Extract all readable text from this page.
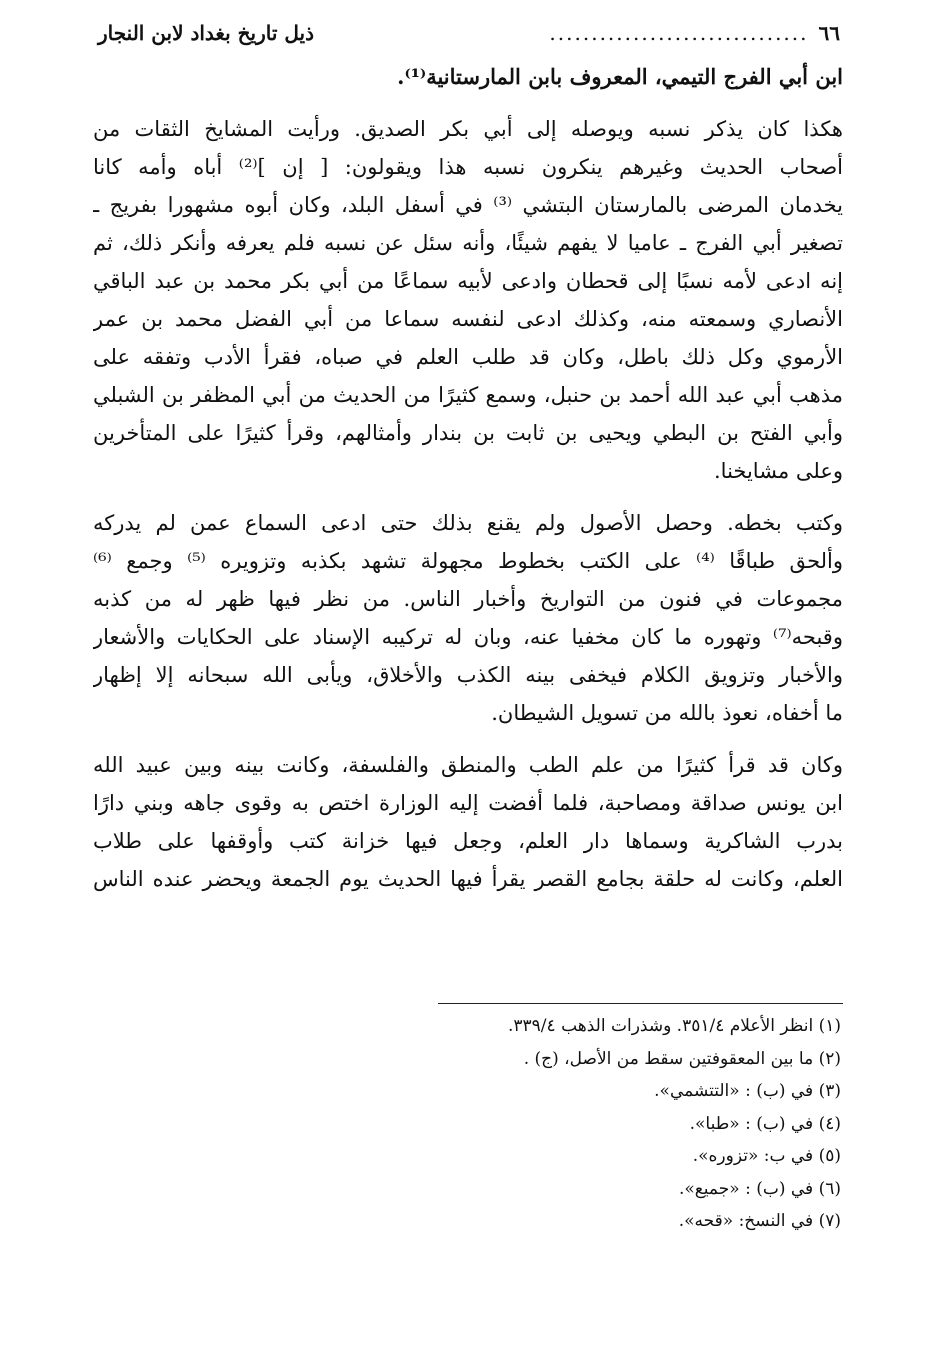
٦٦
...............................
ذيل تاريخ بغداد لابن النجار
ابن أبي الفرج التيمي، المعروف بابن المارستانية⁽¹⁾.
هكذا كان يذكر نسبه ويوصله إلى أبي بكر الصديق. ورأيت المشايخ الثقات من
أصحاب الحديث وغيرهم ينكرون نسبه هذا ويقولون: [ إن ]⁽²⁾ أباه وأمه كانا
يخدمان المرضى بالمارستان البتشي ⁽³⁾ في أسفل البلد، وكان أبوه مشهورا بفريج ـ
تصغير أبي الفرج ـ عاميا لا يفهم شيئًا، وأنه سئل عن نسبه فلم يعرفه وأنكر ذلك، ثم
إنه ادعى لأمه نسبًا إلى قحطان وادعى لأبيه سماعًا من أبي بكر محمد بن عبد الباقي
الأنصاري وسمعته منه، وكذلك ادعى لنفسه سماعا من أبي الفضل محمد بن عمر
الأرموي وكل ذلك باطل، وكان قد طلب العلم في صباه، فقرأ الأدب وتفقه على
مذهب أبي عبد الله أحمد بن حنبل، وسمع كثيرًا من الحديث من أبي المظفر بن الشبلي
وأبي الفتح بن البطي ويحيى بن ثابت بن بندار وأمثالهم، وقرأ كثيرًا على المتأخرين
وعلى مشايخنا.
وكتب بخطه. وحصل الأصول ولم يقنع بذلك حتى ادعى السماع عمن لم يدركه
وألحق طباقًا ⁽⁴⁾ على الكتب بخطوط مجهولة تشهد بكذبه وتزويره ⁽⁵⁾ وجمع ⁽⁶⁾
مجموعات في فنون من التواريخ وأخبار الناس. من نظر فيها ظهر له من كذبه
وقبحه⁽⁷⁾ وتهوره ما كان مخفيا عنه، وبان له تركيبه الإسناد على الحكايات والأشعار
والأخبار وتزويق الكلام فيخفى بينه الكذب والأخلاق، ويأبى الله سبحانه إلا إظهار
ما أخفاه، نعوذ بالله من تسويل الشيطان.
وكان قد قرأ كثيرًا من علم الطب والمنطق والفلسفة، وكانت بينه وبين عبيد الله
ابن يونس صداقة ومصاحبة، فلما أفضت إليه الوزارة اختص به وقوى جاهه وبني دارًا
بدرب الشاكرية وسماها دار العلم، وجعل فيها خزانة كتب وأوقفها على طلاب
العلم، وكانت له حلقة بجامع القصر يقرأ فيها الحديث يوم الجمعة ويحضر عنده الناس
(١) انظر الأعلام ٣٥١/٤. وشذرات الذهب ٣٣٩/٤.
(٢) ما بين المعقوفتين سقط من الأصل، (ج) .
(٣) في (ب) : «التتشمي».
(٤) في (ب) : «طبا».
(٥) في ب: «تزوره».
(٦) في (ب) : «جميع».
(٧) في النسخ: «قحه».
